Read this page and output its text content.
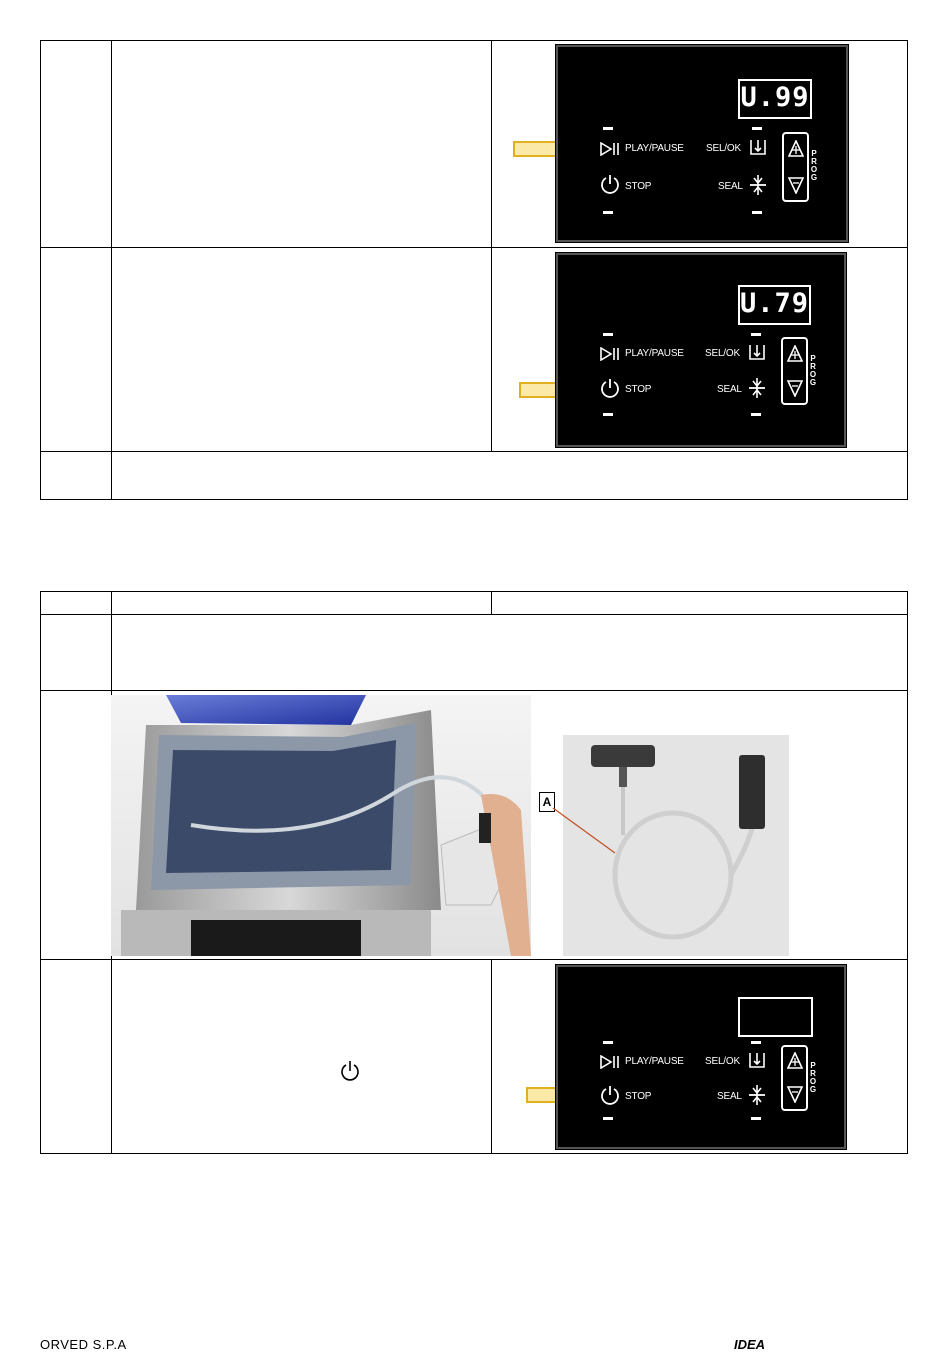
U.99
PLAY/PAUSE SEL/OK	PROG
STOP	SEAL
U.79
PLAY/PAUSE SEL/OK	PROG
STOP	SEAL
A
PLAY/PAUSE SEL/OK	PROG
STOP	SEAL
ORVED S.P.A	IDEA
